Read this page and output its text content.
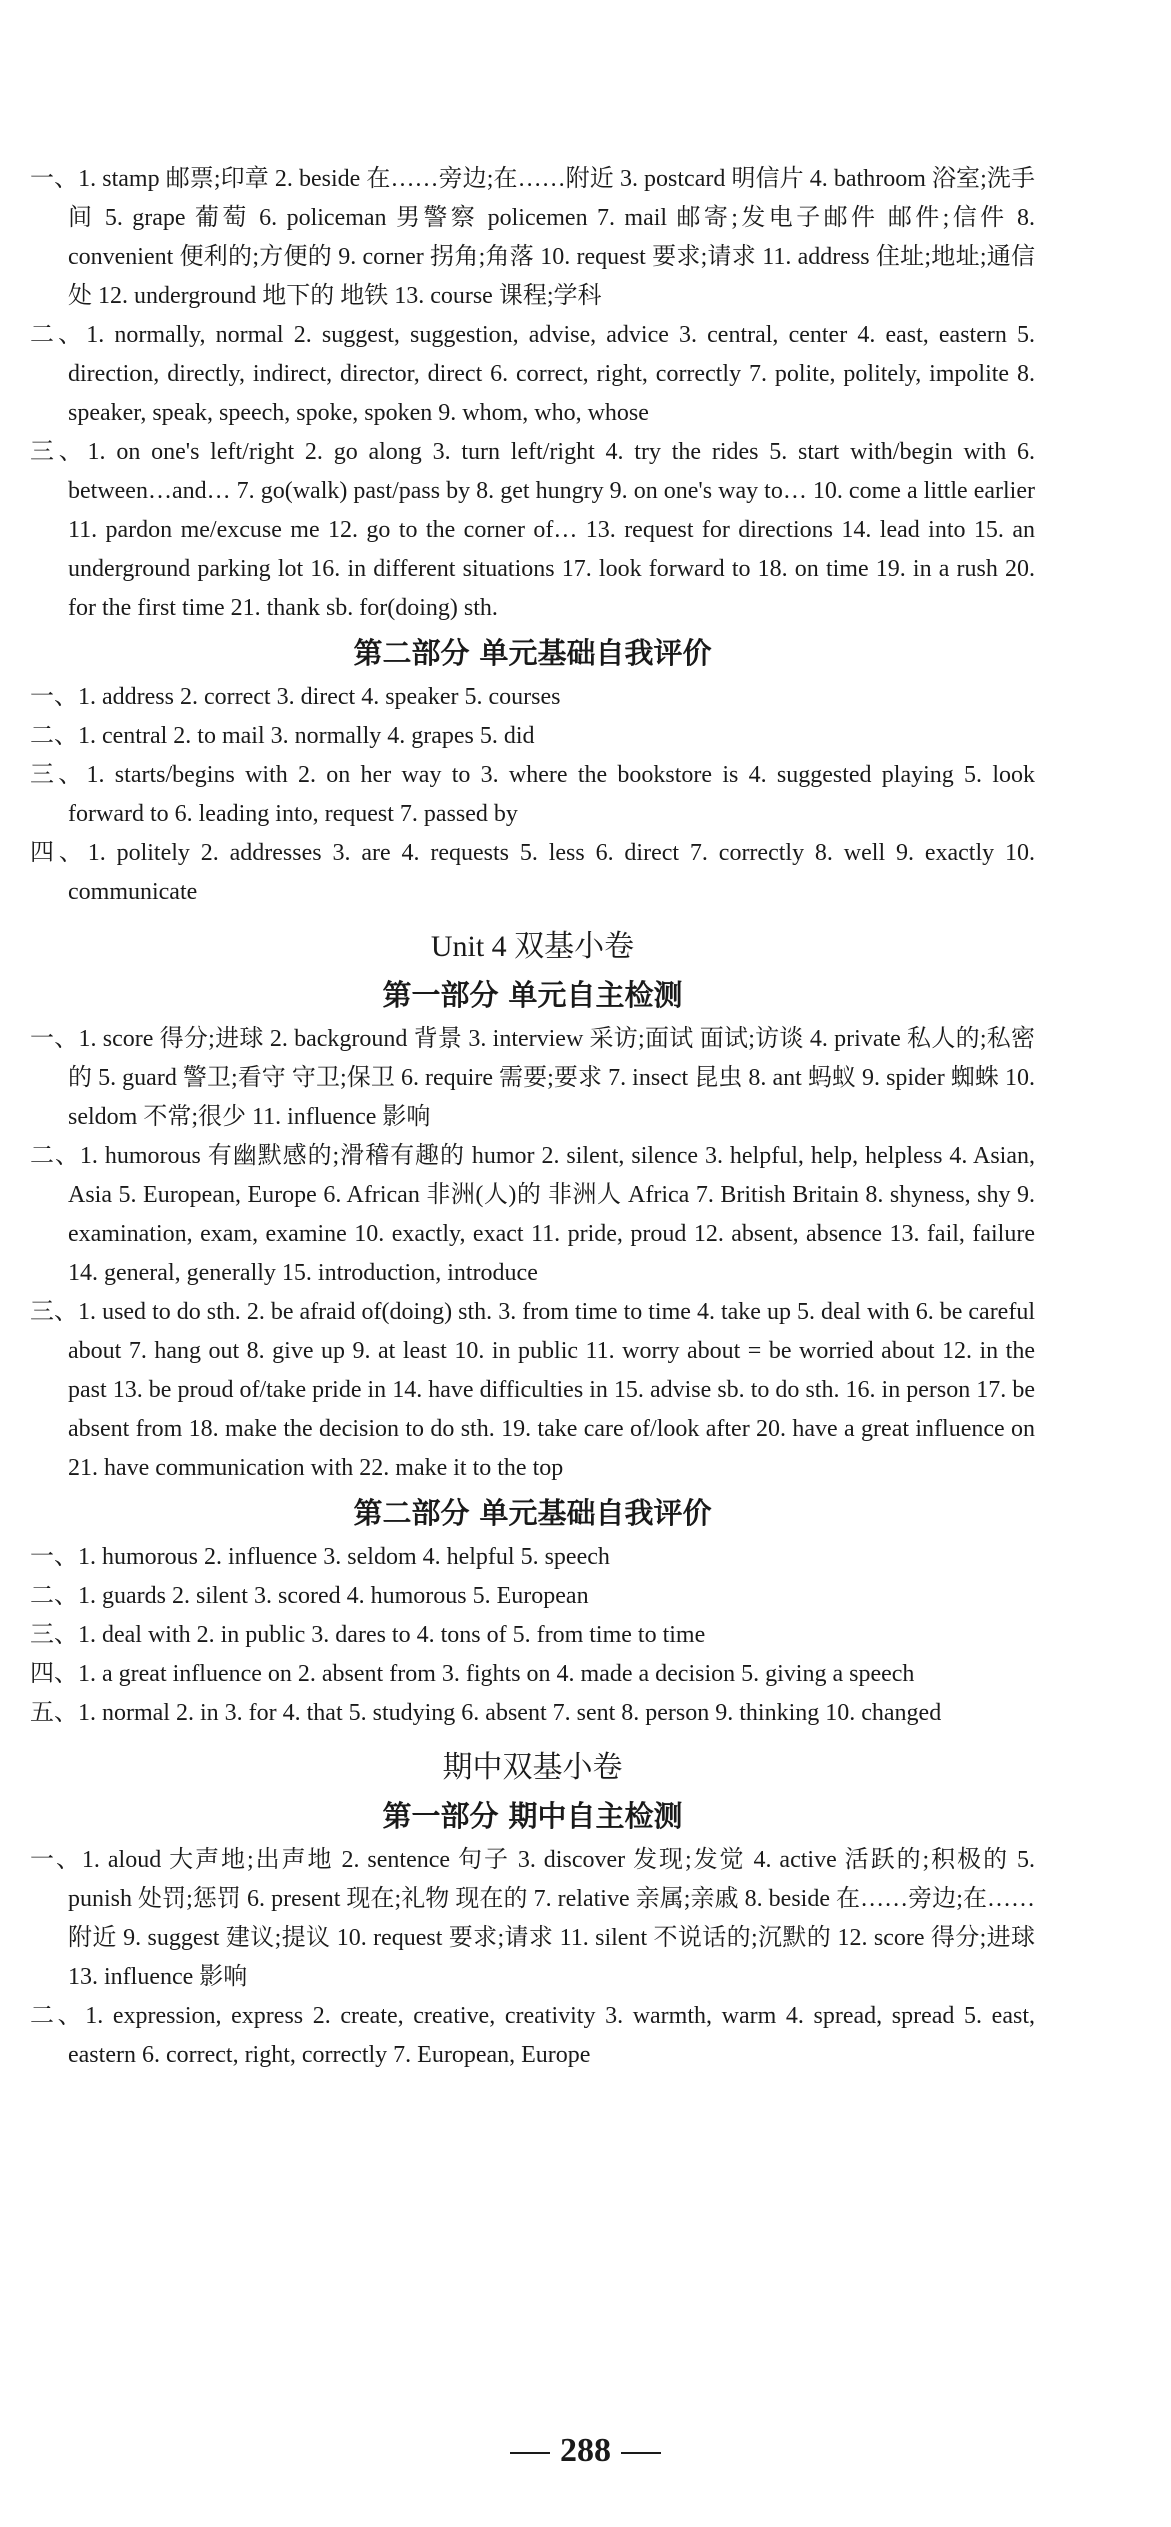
一、1. stamp 邮票;印章 2. beside 在……旁边;在……附近 3. postcard 明信片 4. bathroom 浴室;洗手间 5. grape 葡萄 6. policeman 男警察 policemen 7. mail 邮寄;发电子邮件 邮件;信件 8. convenient 便利的;方便的 9. corner 拐角;角落 10. request 要求;请求 11. address 住址;地址;通信处 12. underground 地下的 地铁 13. course 课程;学科
二、1. normally, normal 2. suggest, suggestion, advise, advice 3. central, center 4. east, eastern 5. direction, directly, indirect, director, direct 6. correct, right, correctly 7. polite, politely, impolite 8. speaker, speak, speech, spoke, spoken 9. whom, who, whose
三、1. on one's left/right 2. go along 3. turn left/right 4. try the rides 5. start with/begin with 6. between…and… 7. go(walk) past/pass by 8. get hungry 9. on one's way to… 10. come a little earlier 11. pardon me/excuse me 12. go to the corner of… 13. request for directions 14. lead into 15. an underground parking lot 16. in different situations 17. look forward to 18. on time 19. in a rush 20. for the first time 21. thank sb. for(doing) sth.
第二部分 单元基础自我评价
一、1. address 2. correct 3. direct 4. speaker 5. courses
二、1. central 2. to mail 3. normally 4. grapes 5. did
三、1. starts/begins with 2. on her way to 3. where the bookstore is 4. suggested playing 5. look forward to 6. leading into, request 7. passed by
四、1. politely 2. addresses 3. are 4. requests 5. less 6. direct 7. correctly 8. well 9. exactly 10. communicate
Unit 4 双基小卷
第一部分 单元自主检测
一、1. score 得分;进球 2. background 背景 3. interview 采访;面试 面试;访谈 4. private 私人的;私密的 5. guard 警卫;看守 守卫;保卫 6. require 需要;要求 7. insect 昆虫 8. ant 蚂蚁 9. spider 蜘蛛 10. seldom 不常;很少 11. influence 影响
二、1. humorous 有幽默感的;滑稽有趣的 humor 2. silent, silence 3. helpful, help, helpless 4. Asian, Asia 5. European, Europe 6. African 非洲(人)的 非洲人 Africa 7. British Britain 8. shyness, shy 9. examination, exam, examine 10. exactly, exact 11. pride, proud 12. absent, absence 13. fail, failure 14. general, generally 15. introduction, introduce
三、1. used to do sth. 2. be afraid of(doing) sth. 3. from time to time 4. take up 5. deal with 6. be careful about 7. hang out 8. give up 9. at least 10. in public 11. worry about = be worried about 12. in the past 13. be proud of/take pride in 14. have difficulties in 15. advise sb. to do sth. 16. in person 17. be absent from 18. make the decision to do sth. 19. take care of/look after 20. have a great influence on 21. have communication with 22. make it to the top
第二部分 单元基础自我评价
一、1. humorous 2. influence 3. seldom 4. helpful 5. speech
二、1. guards 2. silent 3. scored 4. humorous 5. European
三、1. deal with 2. in public 3. dares to 4. tons of 5. from time to time
四、1. a great influence on 2. absent from 3. fights on 4. made a decision 5. giving a speech
五、1. normal 2. in 3. for 4. that 5. studying 6. absent 7. sent 8. person 9. thinking 10. changed
期中双基小卷
第一部分 期中自主检测
一、1. aloud 大声地;出声地 2. sentence 句子 3. discover 发现;发觉 4. active 活跃的;积极的 5. punish 处罚;惩罚 6. present 现在;礼物 现在的 7. relative 亲属;亲戚 8. beside 在……旁边;在……附近 9. suggest 建议;提议 10. request 要求;请求 11. silent 不说话的;沉默的 12. score 得分;进球 13. influence 影响
二、1. expression, express 2. create, creative, creativity 3. warmth, warm 4. spread, spread 5. east, eastern 6. correct, right, correctly 7. European, Europe
288
